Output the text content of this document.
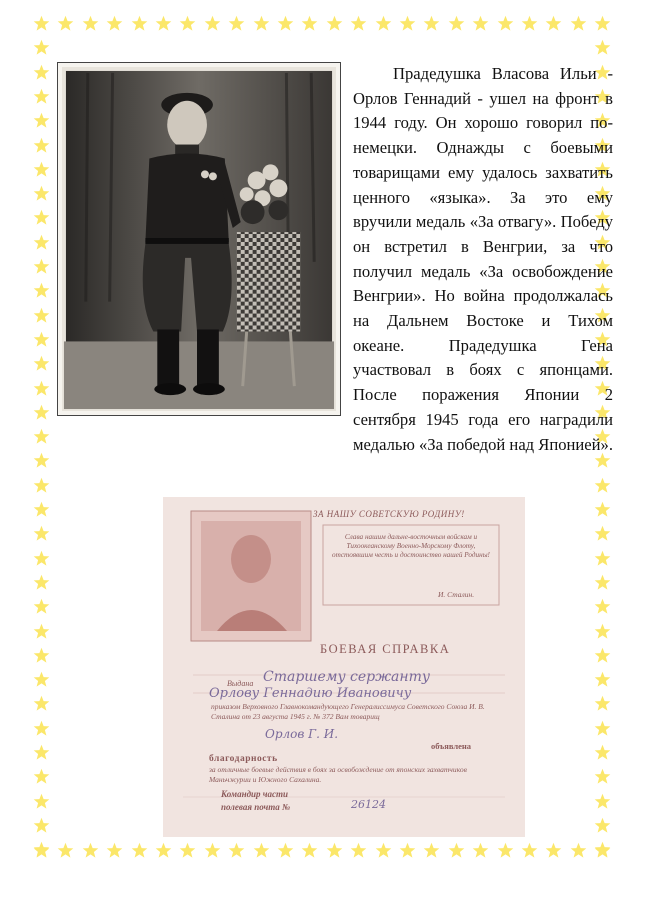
Прадедушка Власова Ильи - Орлов Геннадий - ушел на фронт в 1944 году. Он хорошо говорил по-немецки. Однажды с боевыми товарищами ему удалось захватить ценного «языка». За это ему вручили медаль «За отвагу». Победу он встретил в Венгрии, за что получил медаль «За освобождение Венгрии». Но война продолжалась на Дальнем Востоке и Тихом океане. Прадедушка Гена участвовал в боях с японцами. После поражения Японии 2 сентября 1945 года его наградили медалью «За победой над Японией».

ЗА НАШУ СОВЕТСКУЮ РОДИНУ!
Слава нашим дальне-восточным войскам и Тихоокеанскому Военно-Морскому Флоту, отстоявшим честь и достоинство нашей Родины!
И. Сталин.
БОЕВАЯ СПРАВКА
Выдана Старшему сержанту
Орлову Геннадию Ивановичу
приказом Верховного Главнокомандующего Генералиссимуса Советского Союза И. В. Сталина от 23 августа 1945 г. № 372 Вам товарищ
Орлов Г. И.
объявлена
благодарность
за отличные боевые действия в боях за освобождение от японских захватчиков Маньчжурии и Южного Сахалина.
Командир части
полевая почта №	26124
